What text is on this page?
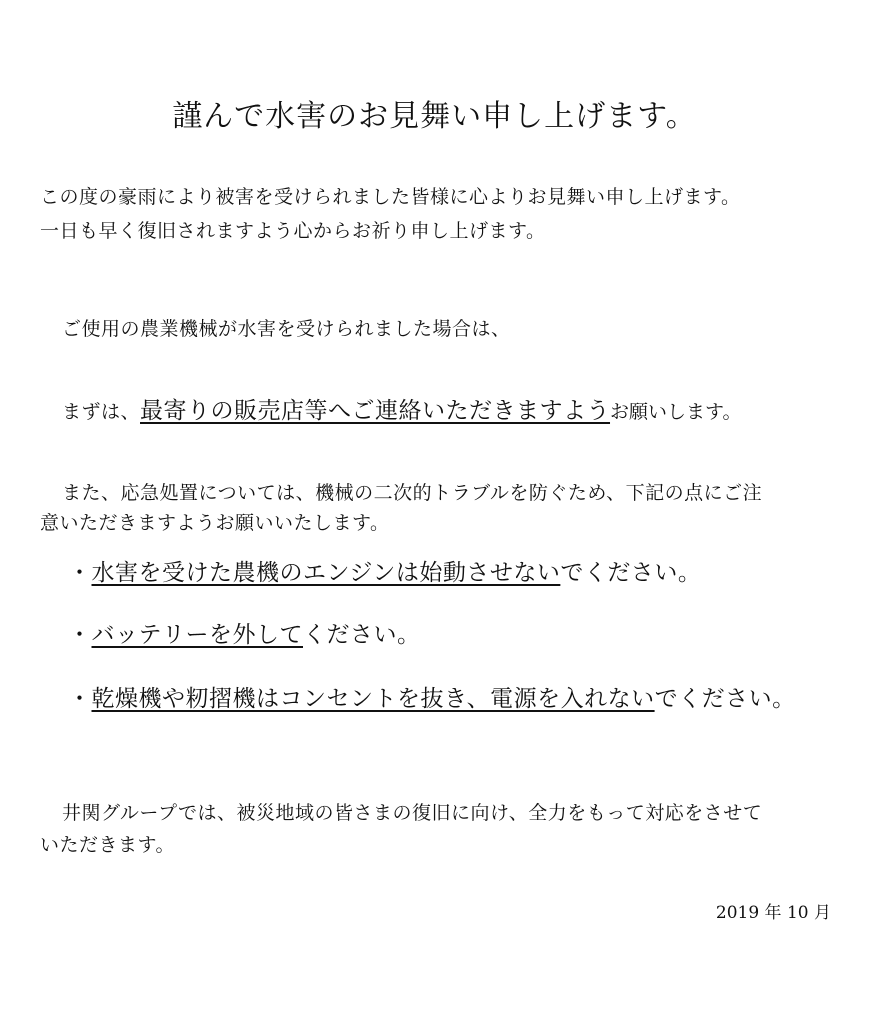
謹んで水害のお見舞い申し上げます。
この度の豪雨により被害を受けられました皆様に心よりお見舞い申し上げます。
一日も早く復旧されますよう心からお祈り申し上げます。
ご使用の農業機械が水害を受けられました場合は、
まずは、最寄りの販売店等へご連絡いただきますようお願いします。
また、応急処置については、機械の二次的トラブルを防ぐため、下記の点にご注
意いただきますようお願いいたします。
・水害を受けた農機のエンジンは始動させないでください。
・バッテリーを外してください。
・乾燥機や籾摺機はコンセントを抜き、電源を入れないでください。
井関グループでは、被災地域の皆さまの復旧に向け、全力をもって対応をさせて
いただきます。
2019 年 10 月
